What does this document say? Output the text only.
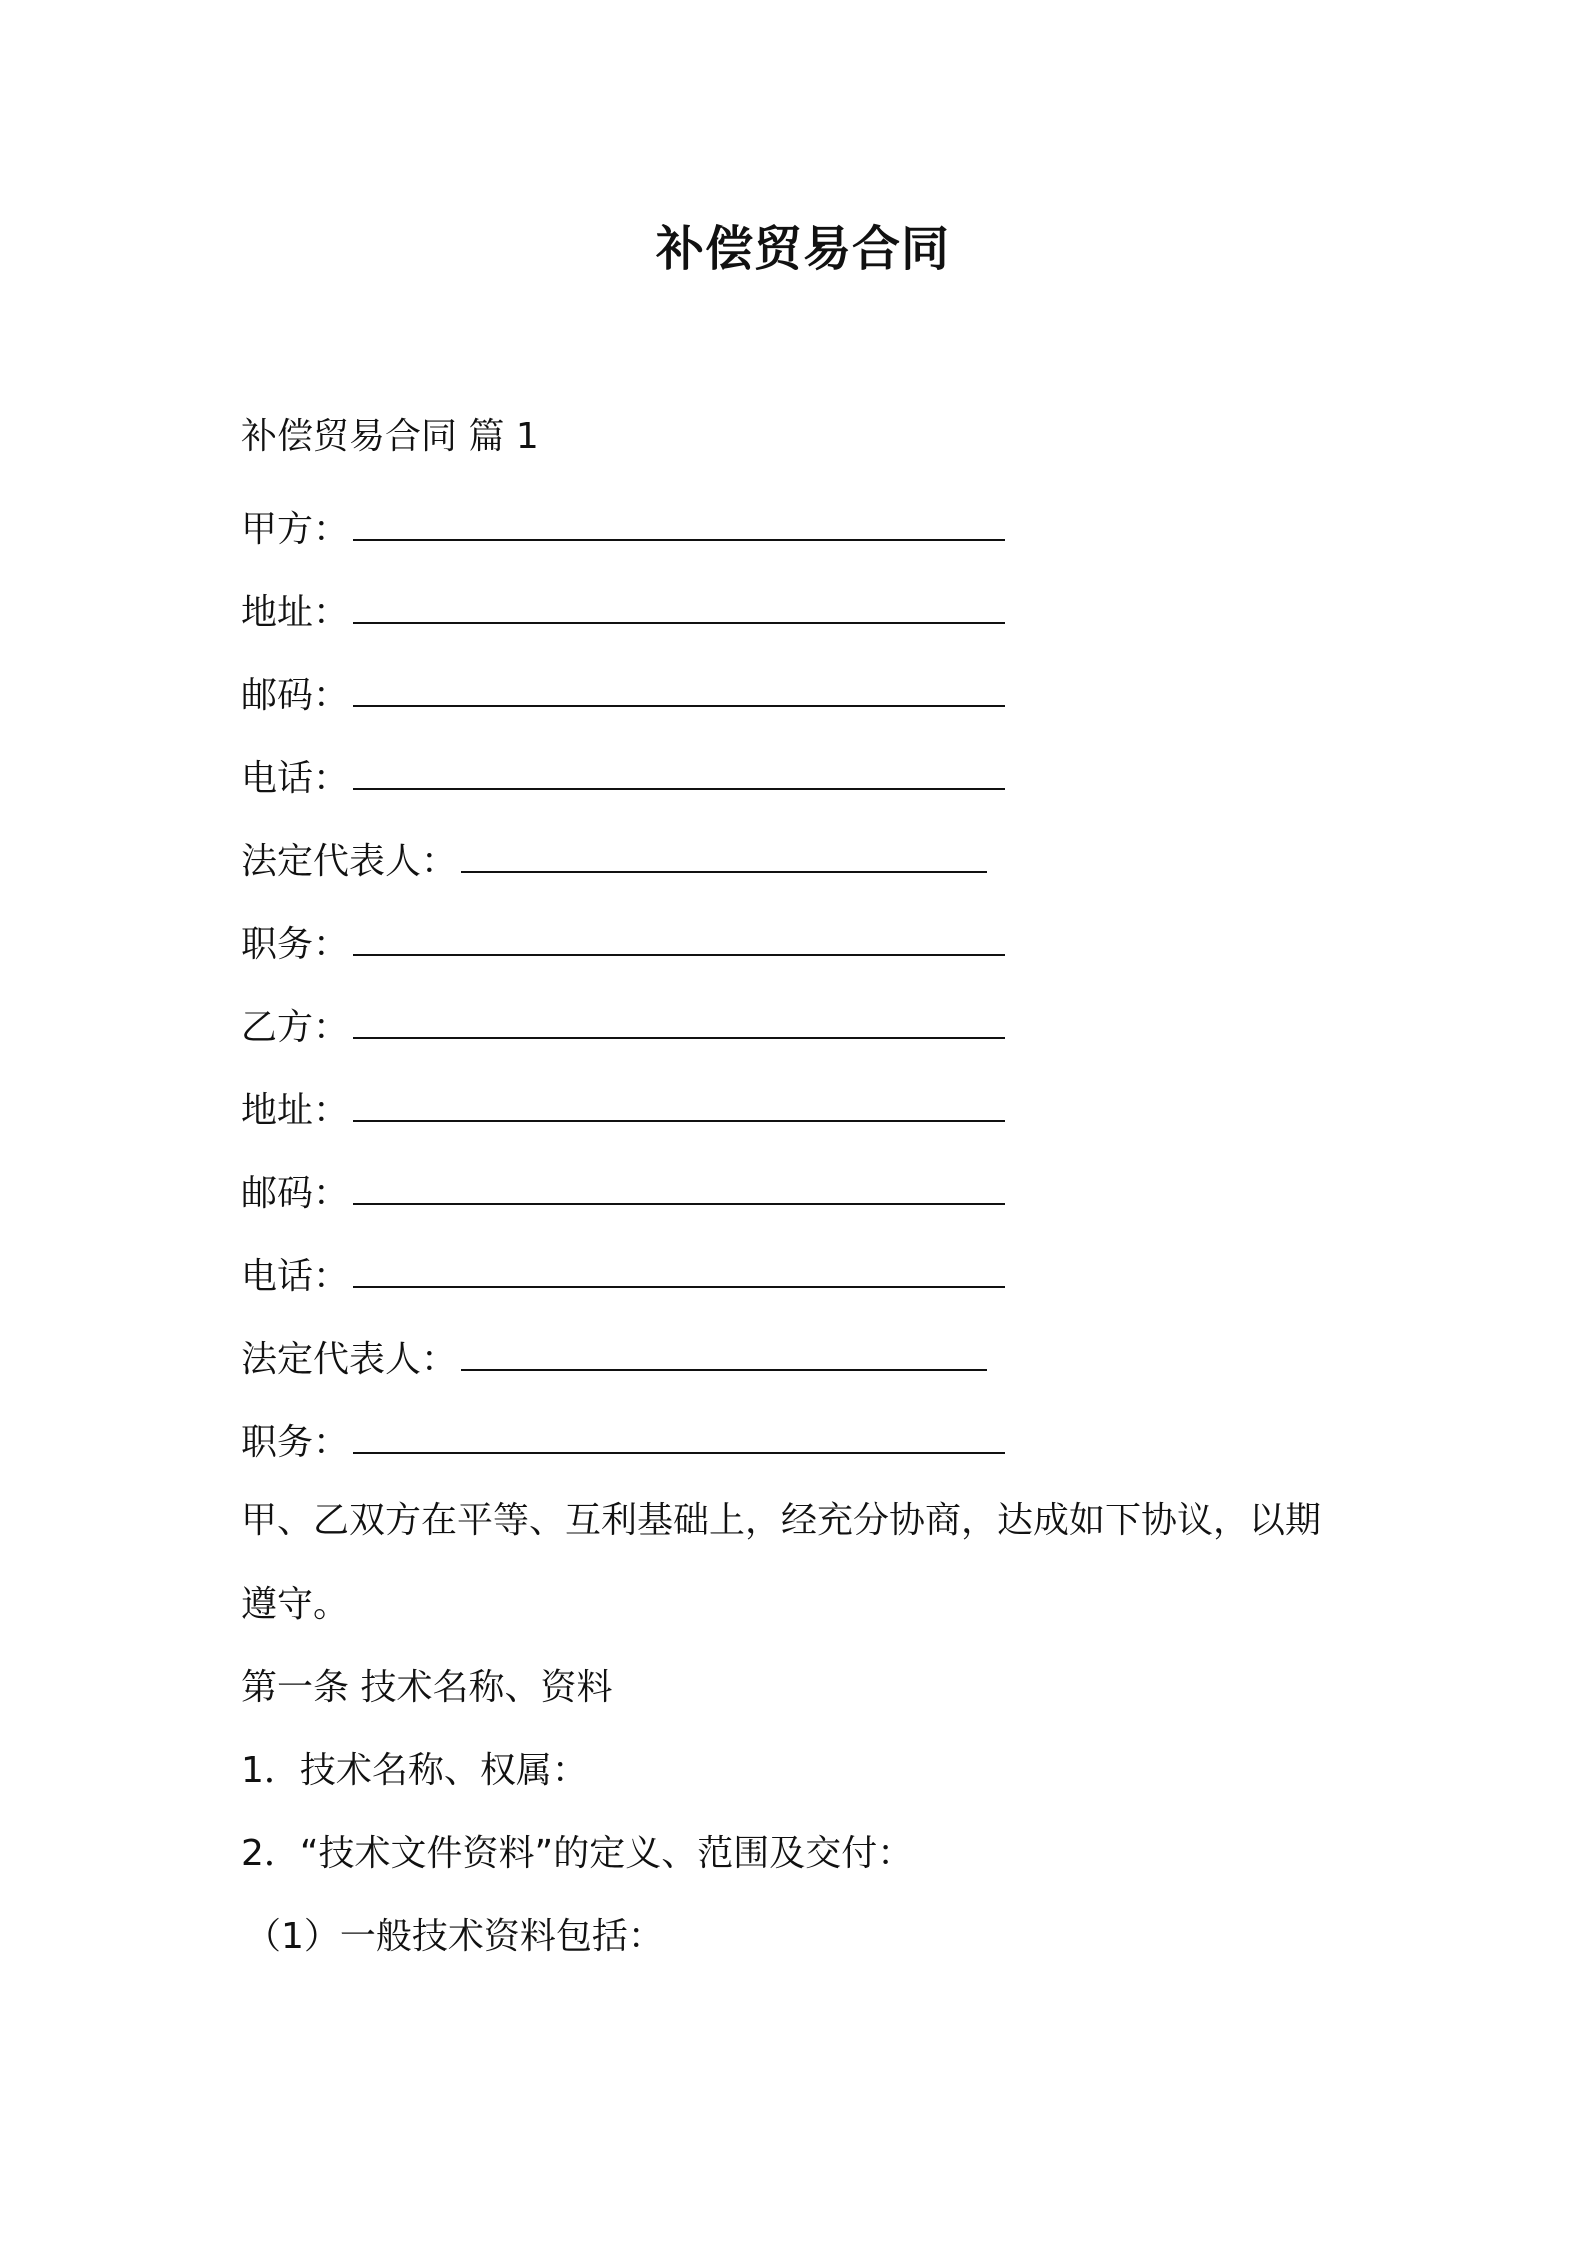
补偿贸易合同
补偿贸易合同 篇 1
甲方：
地址：
邮码：
电话：
法定代表人：
职务：
乙方：
地址：
邮码：
电话：
法定代表人：
职务：
甲、乙双方在平等、互利基础上，经充分协商，达成如下协议，以期
遵守。
第一条 技术名称、资料
1．技术名称、权属：
2．“技术文件资料”的定义、范围及交付：
（1）一般技术资料包括：
